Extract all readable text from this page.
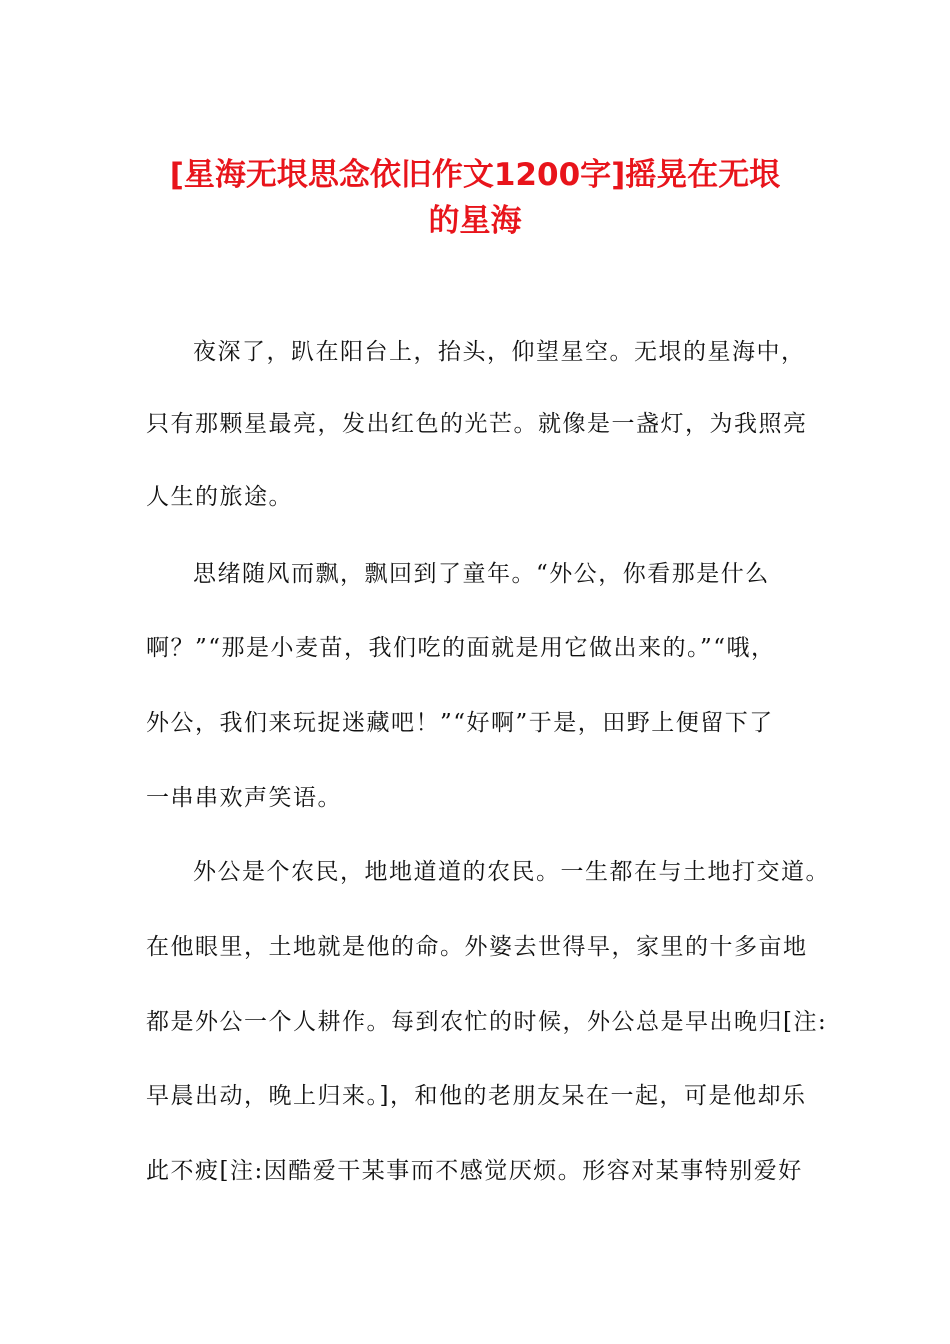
[星海无垠思念依旧作文1200字]摇晃在无垠
的星海
夜深了，趴在阳台上，抬头，仰望星空。无垠的星海中，
只有那颗星最亮，发出红色的光芒。就像是一盏灯，为我照亮
人生的旅途。
思绪随风而飘，飘回到了童年。“外公，你看那是什么
啊？”“那是小麦苗，我们吃的面就是用它做出来的。”“哦，
外公，我们来玩捉迷藏吧！”“好啊”于是，田野上便留下了
一串串欢声笑语。
外公是个农民，地地道道的农民。一生都在与土地打交道。
在他眼里，土地就是他的命。外婆去世得早，家里的十多亩地
都是外公一个人耕作。每到农忙的时候，外公总是早出晚归[注:
早晨出动，晚上归来。]，和他的老朋友呆在一起，可是他却乐
此不疲[注:因酷爱干某事而不感觉厌烦。形容对某事特别爱好
